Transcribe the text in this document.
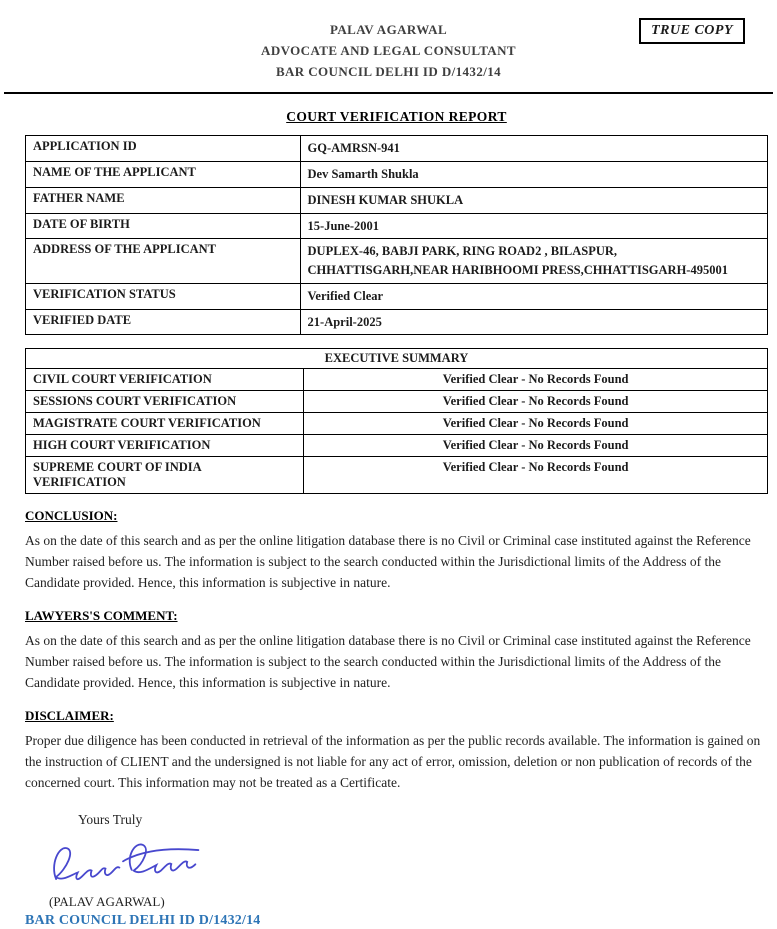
TRUE COPY
PALAV AGARWAL
ADVOCATE AND LEGAL CONSULTANT
BAR COUNCIL DELHI ID D/1432/14
COURT VERIFICATION REPORT
APPLICATION ID	GQ-AMRSN-941
NAME OF THE APPLICANT	Dev Samarth Shukla
FATHER NAME	DINESH KUMAR SHUKLA
DATE OF BIRTH	15-June-2001
ADDRESS OF THE APPLICANT	DUPLEX-46, BABJI PARK, RING ROAD2 , BILASPUR, CHHATTISGARH,NEAR HARIBHOOMI PRESS,CHHATTISGARH-495001
VERIFICATION STATUS	Verified Clear
VERIFIED DATE	21-April-2025
EXECUTIVE SUMMARY	
CIVIL COURT VERIFICATION	Verified Clear - No Records Found
SESSIONS COURT VERIFICATION	Verified Clear - No Records Found
MAGISTRATE COURT VERIFICATION	Verified Clear - No Records Found
HIGH COURT VERIFICATION	Verified Clear - No Records Found
SUPREME COURT OF INDIA VERIFICATION	Verified Clear - No Records Found
CONCLUSION:
As on the date of this search and as per the online litigation database there is no Civil or Criminal case instituted against the Reference Number raised before us. The information is subject to the search conducted within the Jurisdictional limits of the Address of the Candidate provided. Hence, this information is subjective in nature.
LAWYERS'S COMMENT:
As on the date of this search and as per the online litigation database there is no Civil or Criminal case instituted against the Reference Number raised before us. The information is subject to the search conducted within the Jurisdictional limits of the Address of the Candidate provided. Hence, this information is subjective in nature.
DISCLAIMER:
Proper due diligence has been conducted in retrieval of the information as per the public records available. The information is gained on the instruction of CLIENT and the undersigned is not liable for any act of error, omission, deletion or non publication of records of the concerned court. This information may not be treated as a Certificate.
Yours Truly
(PALAV AGARWAL)
BAR COUNCIL DELHI ID D/1432/14
